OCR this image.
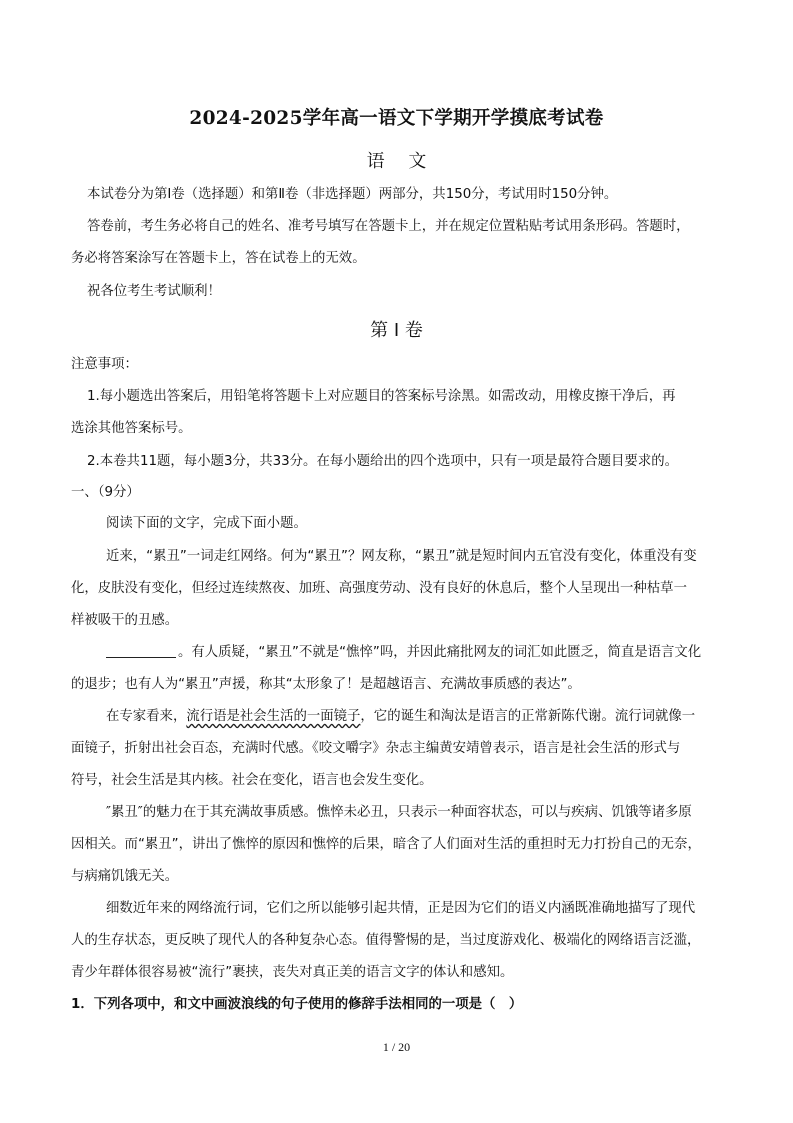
2024-2025学年高一语文下学期开学摸底考试卷
语 文
本试卷分为第Ⅰ卷（选择题）和第Ⅱ卷（非选择题）两部分，共150分，考试用时150分钟。
答卷前，考生务必将自己的姓名、准考号填写在答题卡上，并在规定位置粘贴考试用条形码。答题时，
务必将答案涂写在答题卡上，答在试卷上的无效。
祝各位考生考试顺利！
第 Ⅰ 卷
注意事项：
1.每小题选出答案后，用铅笔将答题卡上对应题目的答案标号涂黑。如需改动，用橡皮擦干净后，再
选涂其他答案标号。
2.本卷共11题，每小题3分，共33分。在每小题给出的四个选项中，只有一项是最符合题目要求的。
一、（9分）
阅读下面的文字，完成下面小题。
近来，“累丑”一词走红网络。何为“累丑”？网友称，“累丑”就是短时间内五官没有变化，体重没有变
化，皮肤没有变化，但经过连续熬夜、加班、高强度劳动、没有良好的休息后，整个人呈现出一种枯草一
样被吸干的丑感。
。有人质疑，“累丑”不就是“憔悴”吗，并因此痛批网友的词汇如此匮乏，简直是语言文化
的退步；也有人为“累丑”声援，称其“太形象了！是超越语言、充满故事质感的表达”。
在专家看来，流行语是社会生活的一面镜子，它的诞生和淘汰是语言的正常新陈代谢。流行词就像一
面镜子，折射出社会百态，充满时代感。《咬文嚼字》杂志主编黄安靖曾表示，语言是社会生活的形式与
符号，社会生活是其内核。社会在变化，语言也会发生变化。
″累丑″的魅力在于其充满故事质感。憔悴未必丑，只表示一种面容状态，可以与疾病、饥饿等诸多原
因相关。而“累丑”，讲出了憔悴的原因和憔悴的后果，暗含了人们面对生活的重担时无力打扮自己的无奈，
与病痛饥饿无关。
细数近年来的网络流行词，它们之所以能够引起共情，正是因为它们的语义内涵既准确地描写了现代
人的生存状态，更反映了现代人的各种复杂心态。值得警惕的是，当过度游戏化、极端化的网络语言泛滥，
青少年群体很容易被“流行”裹挟，丧失对真正美的语言文字的体认和感知。
1．下列各项中，和文中画波浪线的句子使用的修辞手法相同的一项是（　）
1 / 20
